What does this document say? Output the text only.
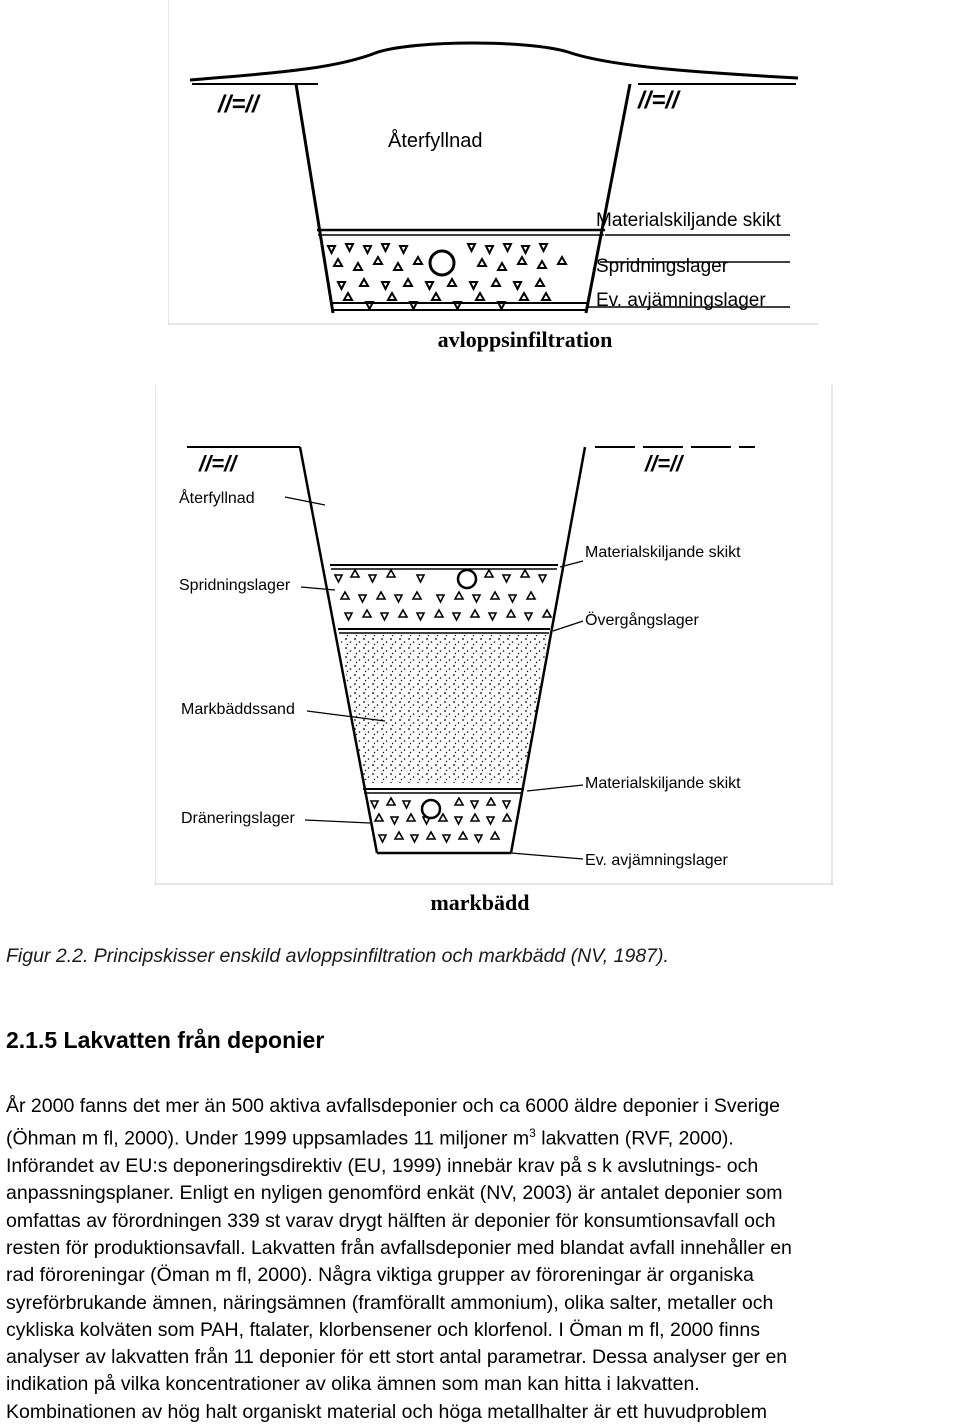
//=//	//=//
Återfyllnad
Materialskiljande skikt
Spridningslager
Ev. avjämningslager
avloppsinfiltration
//=//	//=//
Återfyllnad
Materialskiljande skikt
Spridningslager
Övergångslager
Markbäddssand
Materialskiljande skikt
Dräneringslager
Ev. avjämningslager
markbädd
Figur 2.2. Principskisser enskild avloppsinfiltration och markbädd (NV, 1987).
2.1.5 Lakvatten från deponier
År 2000 fanns det mer än 500 aktiva avfallsdeponier och ca 6000 äldre deponier i Sverige
(Öhman m fl, 2000). Under 1999 uppsamlades 11 miljoner $m^3$ lakvatten (RVF, 2000).
Införandet av EU:s deponeringsdirektiv (EU, 1999) innebär krav på s k avslutnings- och
anpassningsplaner. Enligt en nyligen genomförd enkät (NV, 2003) är antalet deponier som
omfattas av förordningen 339 st varav drygt hälften är deponier för konsumtionsavfall och
resten för produktionsavfall. Lakvatten från avfallsdeponier med blandat avfall innehåller en
rad föroreningar (Öman m fl, 2000). Några viktiga grupper av föroreningar är organiska
syreförbrukande ämnen, näringsämnen (framförallt ammonium), olika salter, metaller och
cykliska kolväten som PAH, ftalater, klorbensener och klorfenol. I Öman m fl, 2000 finns
analyser av lakvatten från 11 deponier för ett stort antal parametrar. Dessa analyser ger en
indikation på vilka koncentrationer av olika ämnen som man kan hitta i lakvatten.
Kombinationen av hög halt organiskt material och höga metallhalter är ett huvudproblem
